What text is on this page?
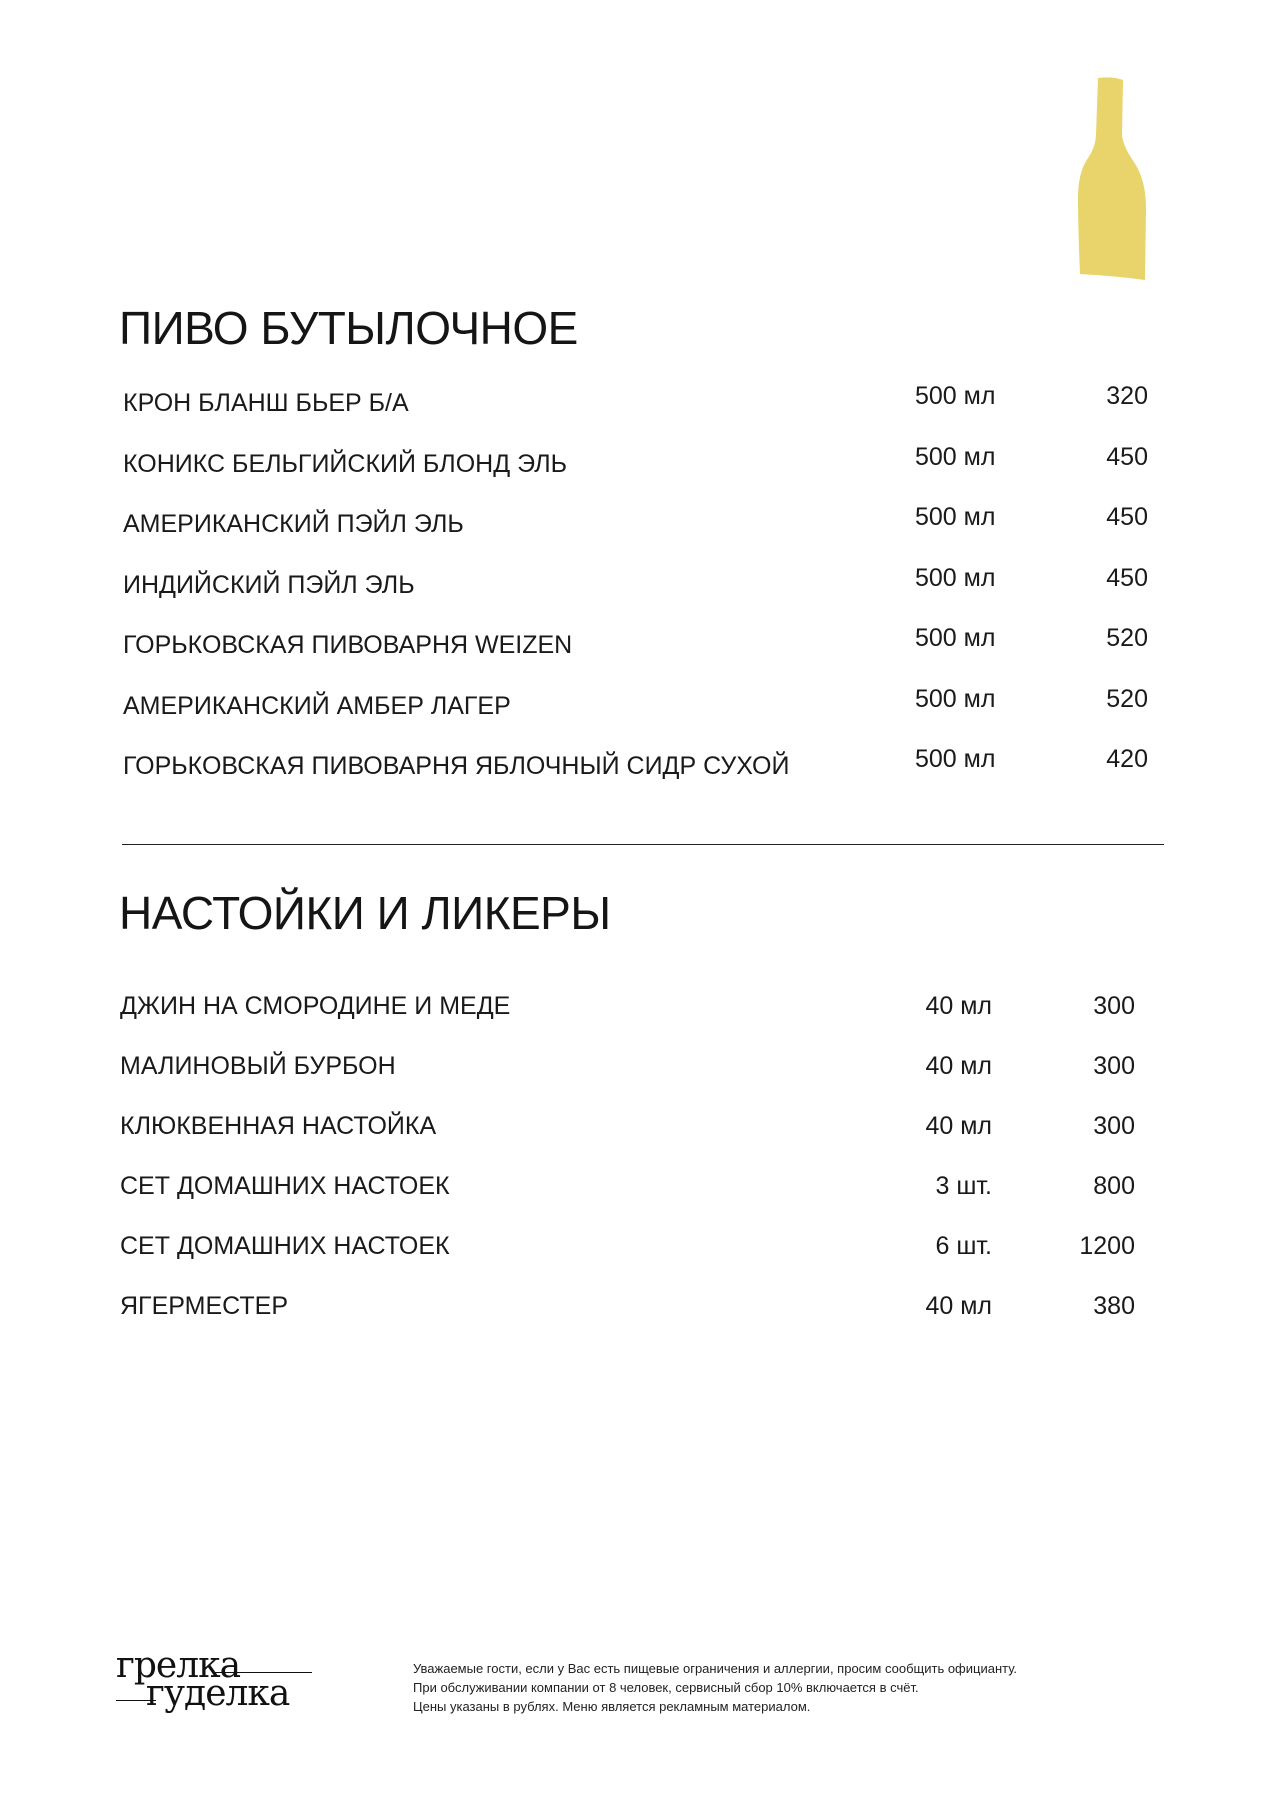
ПИВО БУТЫЛОЧНОЕ
КРОН БЛАНШ БЬЕР Б/А	500 мл	320
КОНИКС БЕЛЬГИЙСКИЙ БЛОНД ЭЛЬ	500 мл	450
АМЕРИКАНСКИЙ ПЭЙЛ ЭЛЬ	500 мл	450
ИНДИЙСКИЙ ПЭЙЛ ЭЛЬ	500 мл	450
ГОРЬКОВСКАЯ ПИВОВАРНЯ WEIZEN	500 мл	520
АМЕРИКАНСКИЙ АМБЕР ЛАГЕР	500 мл	520
ГОРЬКОВСКАЯ ПИВОВАРНЯ ЯБЛОЧНЫЙ СИДР СУХОЙ	500 мл	420
НАСТОЙКИ И ЛИКЕРЫ
ДЖИН НА СМОРОДИНЕ И МЕДЕ	40 мл	300
МАЛИНОВЫЙ БУРБОН	40 мл	300
КЛЮКВЕННАЯ НАСТОЙКА	40 мл	300
СЕТ ДОМАШНИХ НАСТОЕК	3 шт.	800
СЕТ ДОМАШНИХ НАСТОЕК	6 шт.	1200
ЯГЕРМЕСТЕР	40 мл	380
грелка
гуделка

Уважаемые гости, если у Вас есть пищевые ограничения и аллергии, просим сообщить официанту.

При обслуживании компании от 8 человек, сервисный сбор 10% включается в счёт.

Цены указаны в рублях. Меню является рекламным материалом.
